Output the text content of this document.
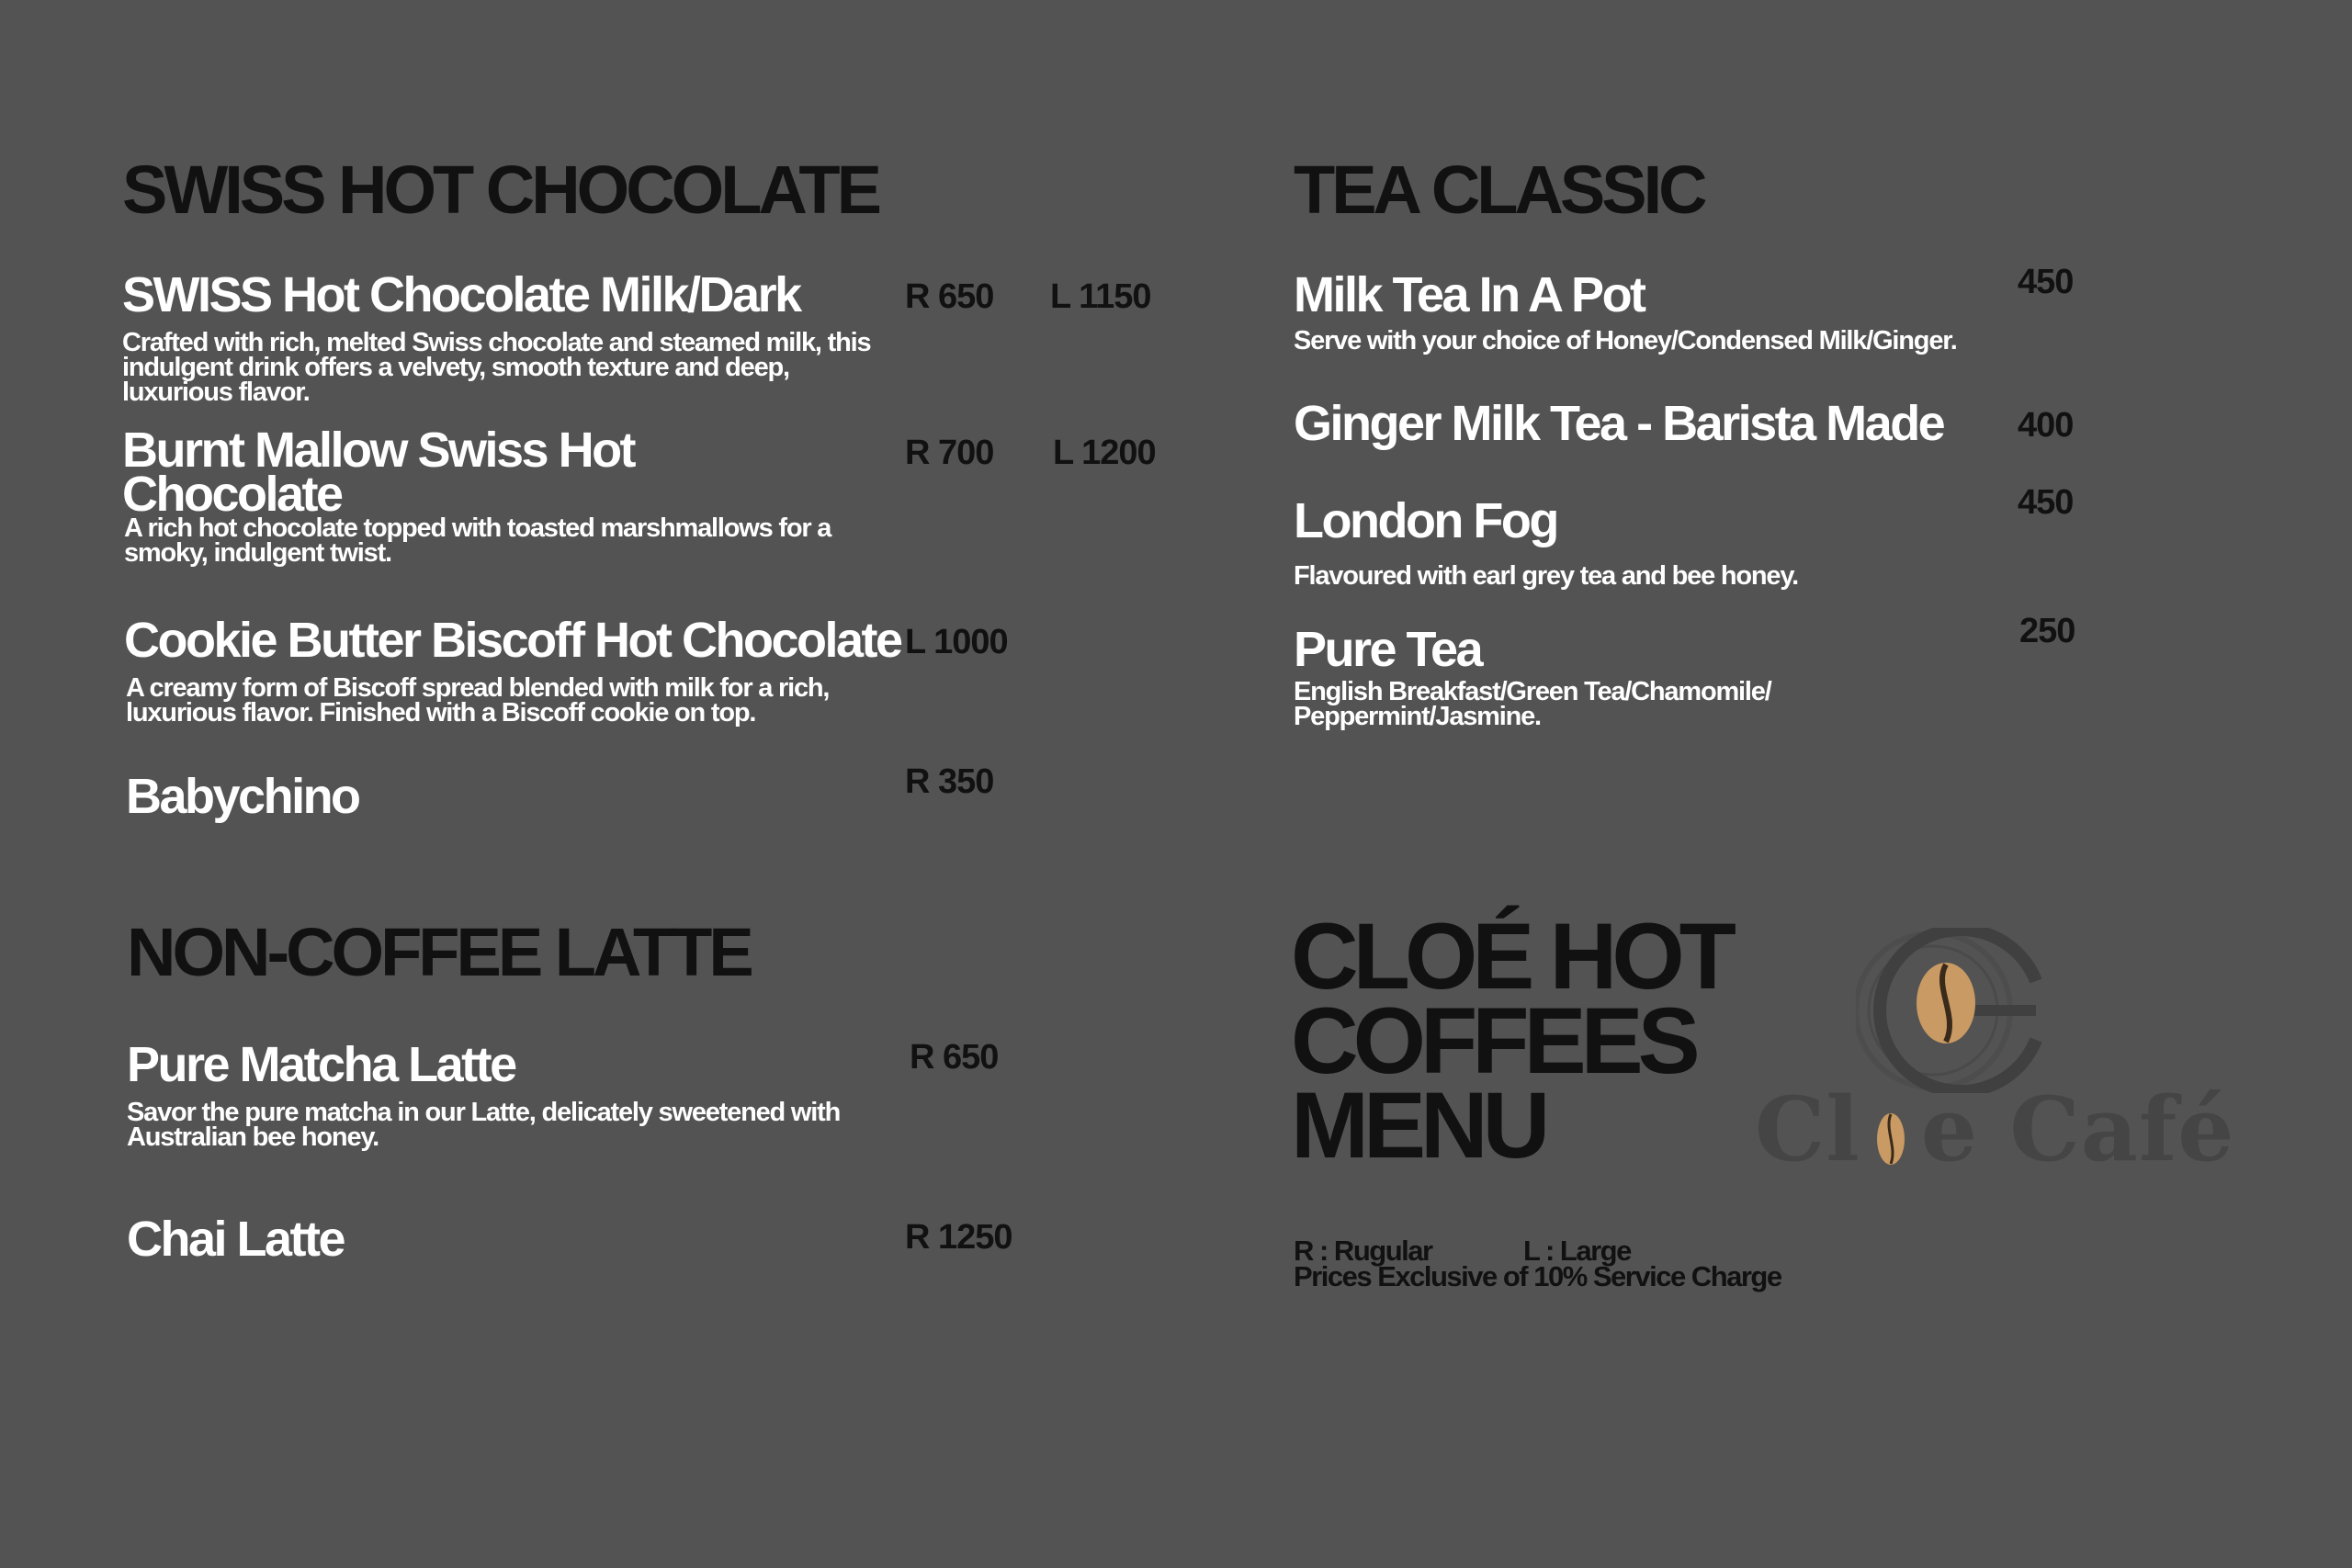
SWISS HOT CHOCOLATE
SWISS Hot Chocolate Milk/Dark	R 650 L 1150

Crafted with rich, melted Swiss chocolate and steamed milk, this indulgent drink offers a velvety, smooth texture and deep, luxurious flavor.

Burnt Mallow Swiss Hot Chocolate
R 700 L 1200

A rich hot chocolate topped with toasted marshmallows for a smoky, indulgent twist.

Cookie Butter Biscoff Hot Chocolate L 1000

A creamy form of Biscoff spread blended with milk for a rich, luxurious flavor. Finished with a Biscoff cookie on top.

Babychino	R 350
NON-COFFEE LATTE
Pure Matcha Latte	R 650

Savor the pure matcha in our Latte, delicately sweetened with Australian bee honey.

Chai Latte	R 1250
TEA CLASSIC
Milk Tea In A Pot	450

Serve with your choice of Honey/Condensed Milk/Ginger.

Ginger Milk Tea - Barista Made 400
London Fog	450

Flavoured with earl grey tea and bee honey.

Pure Tea	250

English Breakfast/Green Tea/Chamomile/ Peppermint/Jasmine.

CLOÉ HOT
COFFEES
MENU
R : Rugular	L : Large
Prices Exclusive of 10% Service Charge
Cl e Café
